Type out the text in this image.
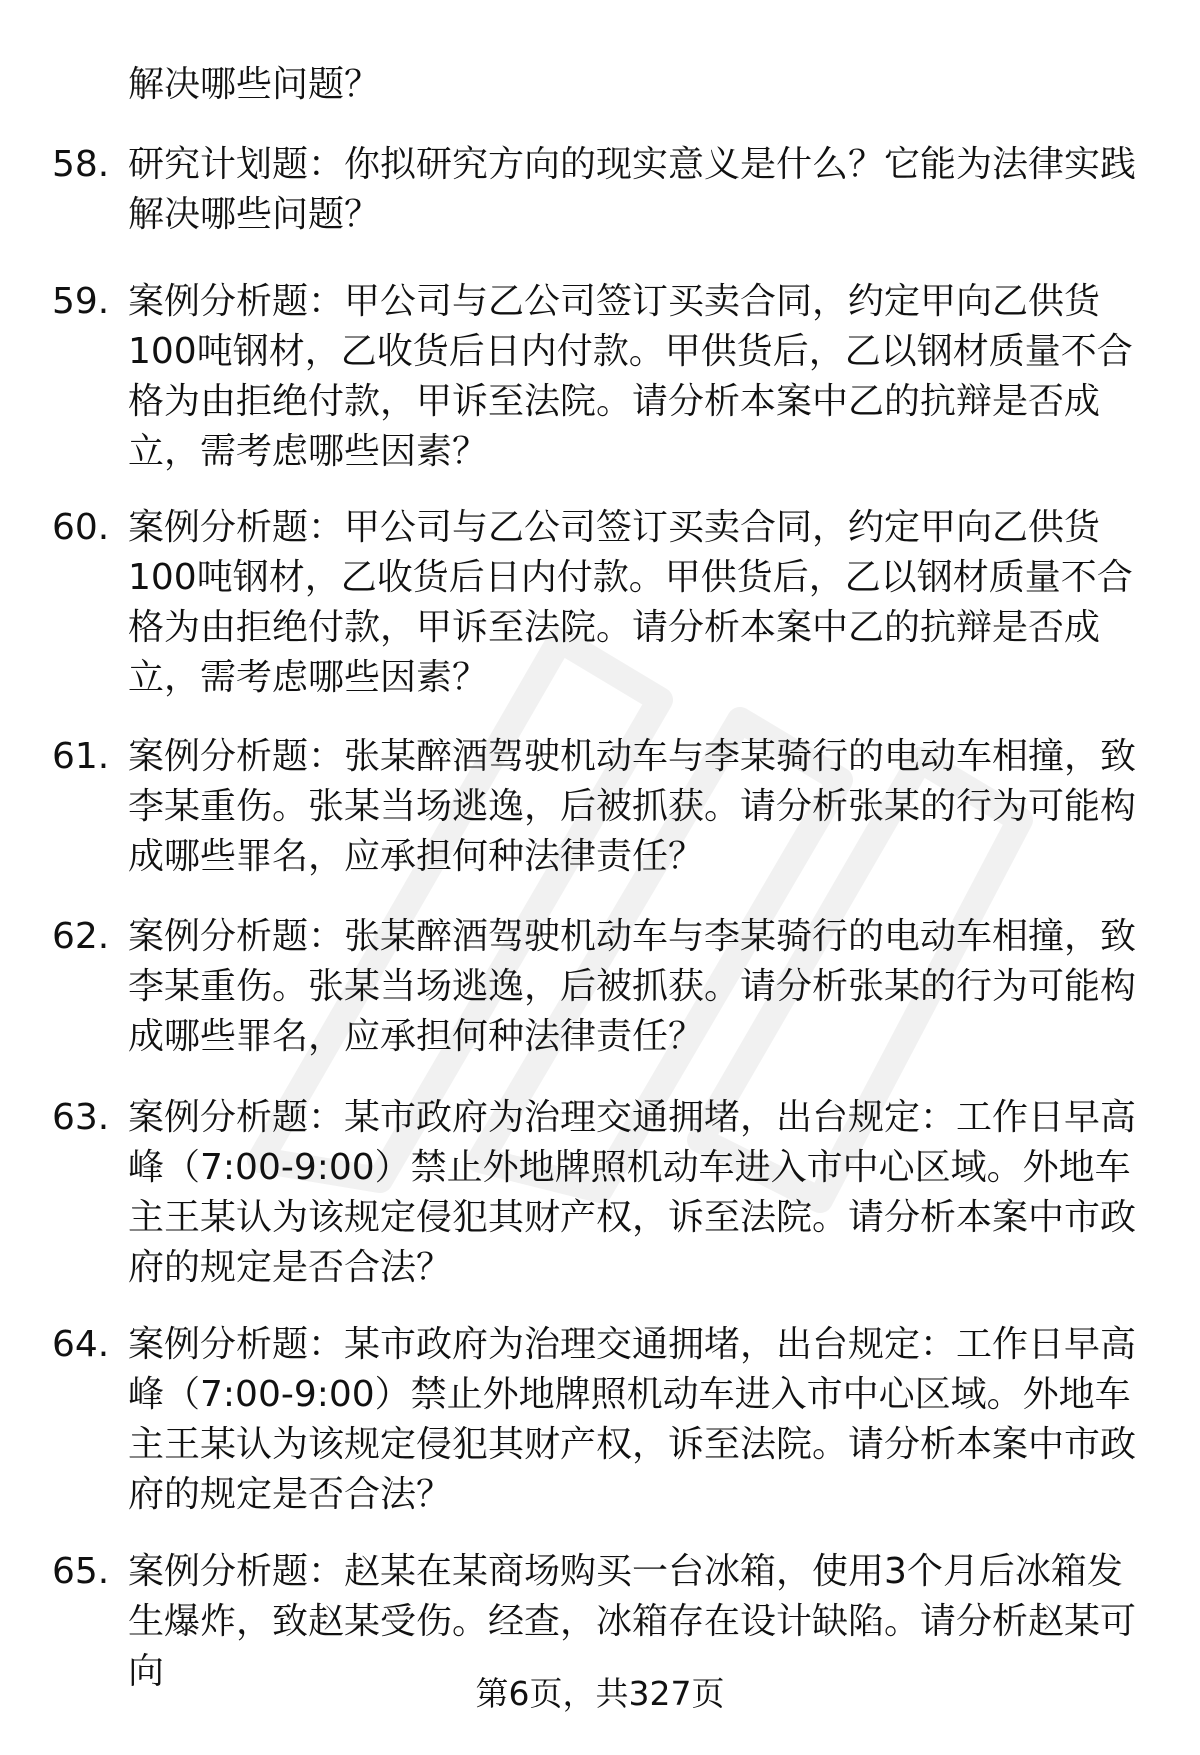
解决哪些问题？

58. 研究计划题：你拟研究方向的现实意义是什么？它能为法律实践解决哪些问题？

59. 案例分析题：甲公司与乙公司签订买卖合同，约定甲向乙供货100吨钢材，乙收货后日内付款。甲供货后，乙以钢材质量不合格为由拒绝付款，甲诉至法院。请分析本案中乙的抗辩是否成立，需考虑哪些因素？

60. 案例分析题：甲公司与乙公司签订买卖合同，约定甲向乙供货100吨钢材，乙收货后日内付款。甲供货后，乙以钢材质量不合格为由拒绝付款，甲诉至法院。请分析本案中乙的抗辩是否成立，需考虑哪些因素？

61. 案例分析题：张某醉酒驾驶机动车与李某骑行的电动车相撞，致李某重伤。张某当场逃逸，后被抓获。请分析张某的行为可能构成哪些罪名，应承担何种法律责任？

62. 案例分析题：张某醉酒驾驶机动车与李某骑行的电动车相撞，致李某重伤。张某当场逃逸，后被抓获。请分析张某的行为可能构成哪些罪名，应承担何种法律责任？

63. 案例分析题：某市政府为治理交通拥堵，出台规定：工作日早高峰（7:00-9:00）禁止外地牌照机动车进入市中心区域。外地车主王某认为该规定侵犯其财产权，诉至法院。请分析本案中市政府的规定是否合法？

64. 案例分析题：某市政府为治理交通拥堵，出台规定：工作日早高峰（7:00-9:00）禁止外地牌照机动车进入市中心区域。外地车主王某认为该规定侵犯其财产权，诉至法院。请分析本案中市政府的规定是否合法？

65. 案例分析题：赵某在某商场购买一台冰箱，使用3个月后冰箱发生爆炸，致赵某受伤。经查，冰箱存在设计缺陷。请分析赵某可向

第6页，共327页
